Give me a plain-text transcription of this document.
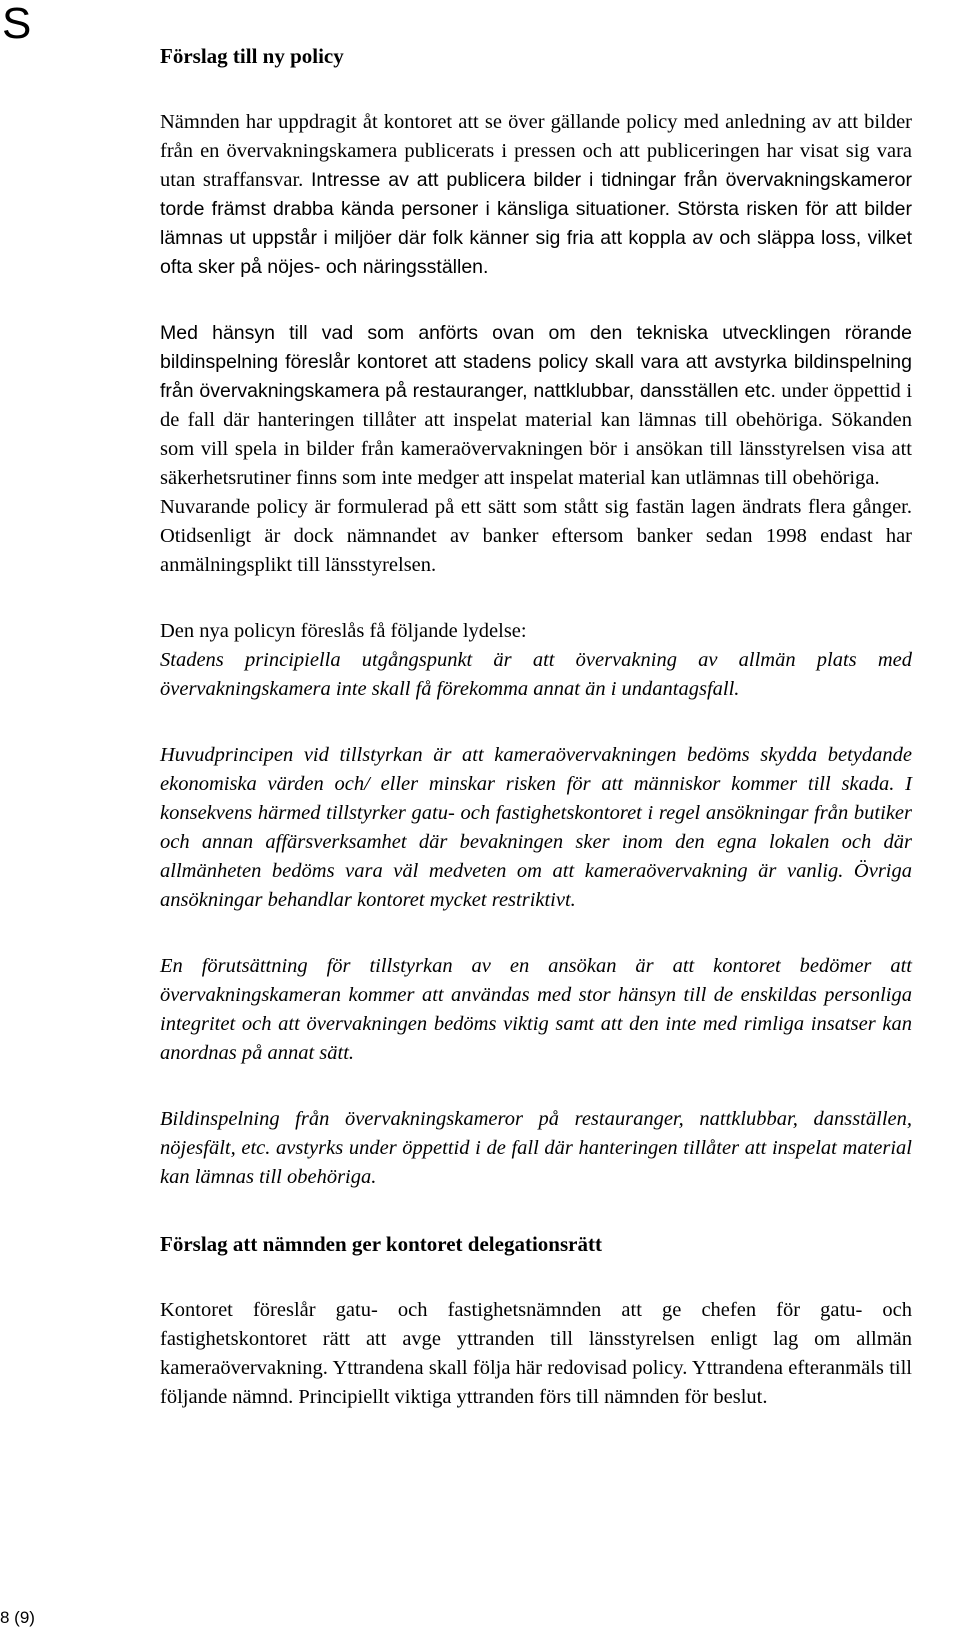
S
Förslag till ny policy

Nämnden har uppdragit åt kontoret att se över gällande policy med anledning av att bilder från en övervakningskamera publicerats i pressen och att publiceringen har visat sig vara utan straffansvar. Intresse av att publicera bilder i tidningar från övervakningskameror torde främst drabba kända personer i känsliga situationer. Största risken för att bilder lämnas ut uppstår i miljöer där folk känner sig fria att koppla av och släppa loss, vilket ofta sker på nöjes- och näringsställen.

Med hänsyn till vad som anförts ovan om den tekniska utvecklingen rörande bildinspelning föreslår kontoret att stadens policy skall vara att avstyrka bildinspelning från övervakningskamera på restauranger, nattklubbar, dansställen etc. under öppettid i de fall där hanteringen tillåter att inspelat material kan lämnas till obehöriga. Sökanden som vill spela in bilder från kameraövervakningen bör i ansökan till länsstyrelsen visa att säkerhetsrutiner finns som inte medger att inspelat material kan utlämnas till obehöriga.

Nuvarande policy är formulerad på ett sätt som stått sig fastän lagen ändrats flera gånger. Otidsenligt är dock nämnandet av banker eftersom banker sedan 1998 endast har anmälningsplikt till länsstyrelsen.

Den nya policyn föreslås få följande lydelse:

Stadens principiella utgångspunkt är att övervakning av allmän plats med övervakningskamera inte skall få förekomma annat än i undantagsfall.

Huvudprincipen vid tillstyrkan är att kameraövervakningen bedöms skydda betydande ekonomiska värden och/ eller minskar risken för att människor kommer till skada. I konsekvens härmed tillstyrker gatu- och fastighetskontoret i regel ansökningar från butiker och annan affärsverksamhet där bevakningen sker inom den egna lokalen och där allmänheten bedöms vara väl medveten om att kameraövervakning är vanlig. Övriga ansökningar behandlar kontoret mycket restriktivt.

En förutsättning för tillstyrkan av en ansökan är att kontoret bedömer att övervakningskameran kommer att användas med stor hänsyn till de enskildas personliga integritet och att övervakningen bedöms viktig samt att den inte med rimliga insatser kan anordnas på annat sätt.

Bildinspelning från övervakningskameror på restauranger, nattklubbar, dansställen, nöjesfält, etc. avstyrks under öppettid i de fall där hanteringen tillåter att inspelat material kan lämnas till obehöriga.

Förslag att nämnden ger kontoret delegationsrätt

Kontoret föreslår gatu- och fastighetsnämnden att ge chefen för gatu- och fastighetskontoret rätt att avge yttranden till länsstyrelsen enligt lag om allmän kameraövervakning. Yttrandena skall följa här redovisad policy. Yttrandena efteranmäls till följande nämnd. Principiellt viktiga yttranden förs till nämnden för beslut.

8 (9)
